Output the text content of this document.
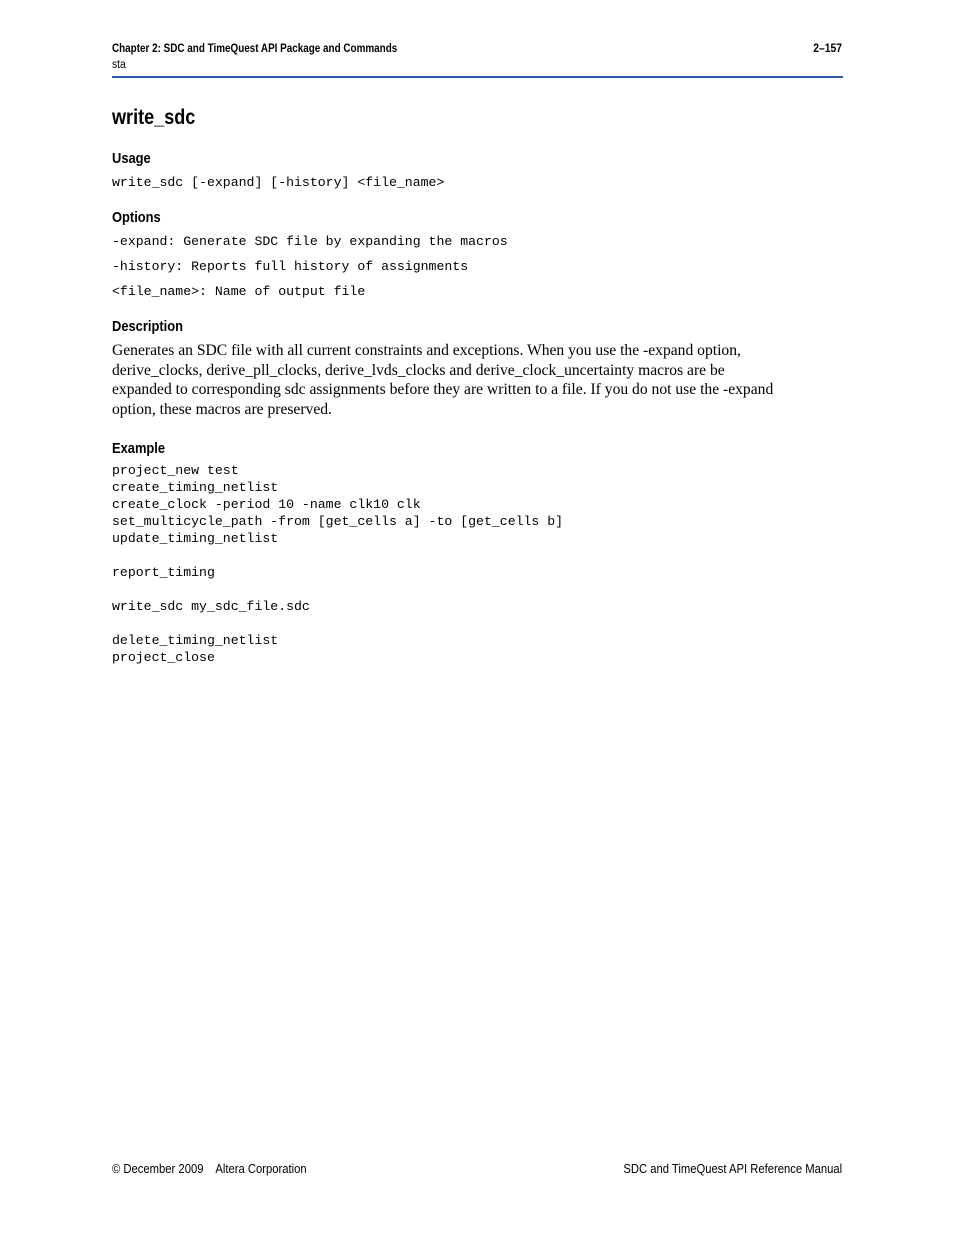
Chapter 2: SDC and TimeQuest API Package and Commands
sta
2–157
write_sdc
Usage
write_sdc [-expand] [-history] <file_name>
Options
-expand: Generate SDC file by expanding the macros
-history: Reports full history of assignments
<file_name>: Name of output file
Description
Generates an SDC file with all current constraints and exceptions. When you use the -expand option,
derive_clocks, derive_pll_clocks, derive_lvds_clocks and derive_clock_uncertainty macros are be
expanded to corresponding sdc assignments before they are written to a file. If you do not use the -expand
option, these macros are preserved.
Example
project_new test
create_timing_netlist
create_clock -period 10 -name clk10 clk
set_multicycle_path -from [get_cells a] -to [get_cells b]
update_timing_netlist
report_timing
write_sdc my_sdc_file.sdc
delete_timing_netlist
project_close
© December 2009    Altera Corporation	SDC and TimeQuest API Reference Manual
